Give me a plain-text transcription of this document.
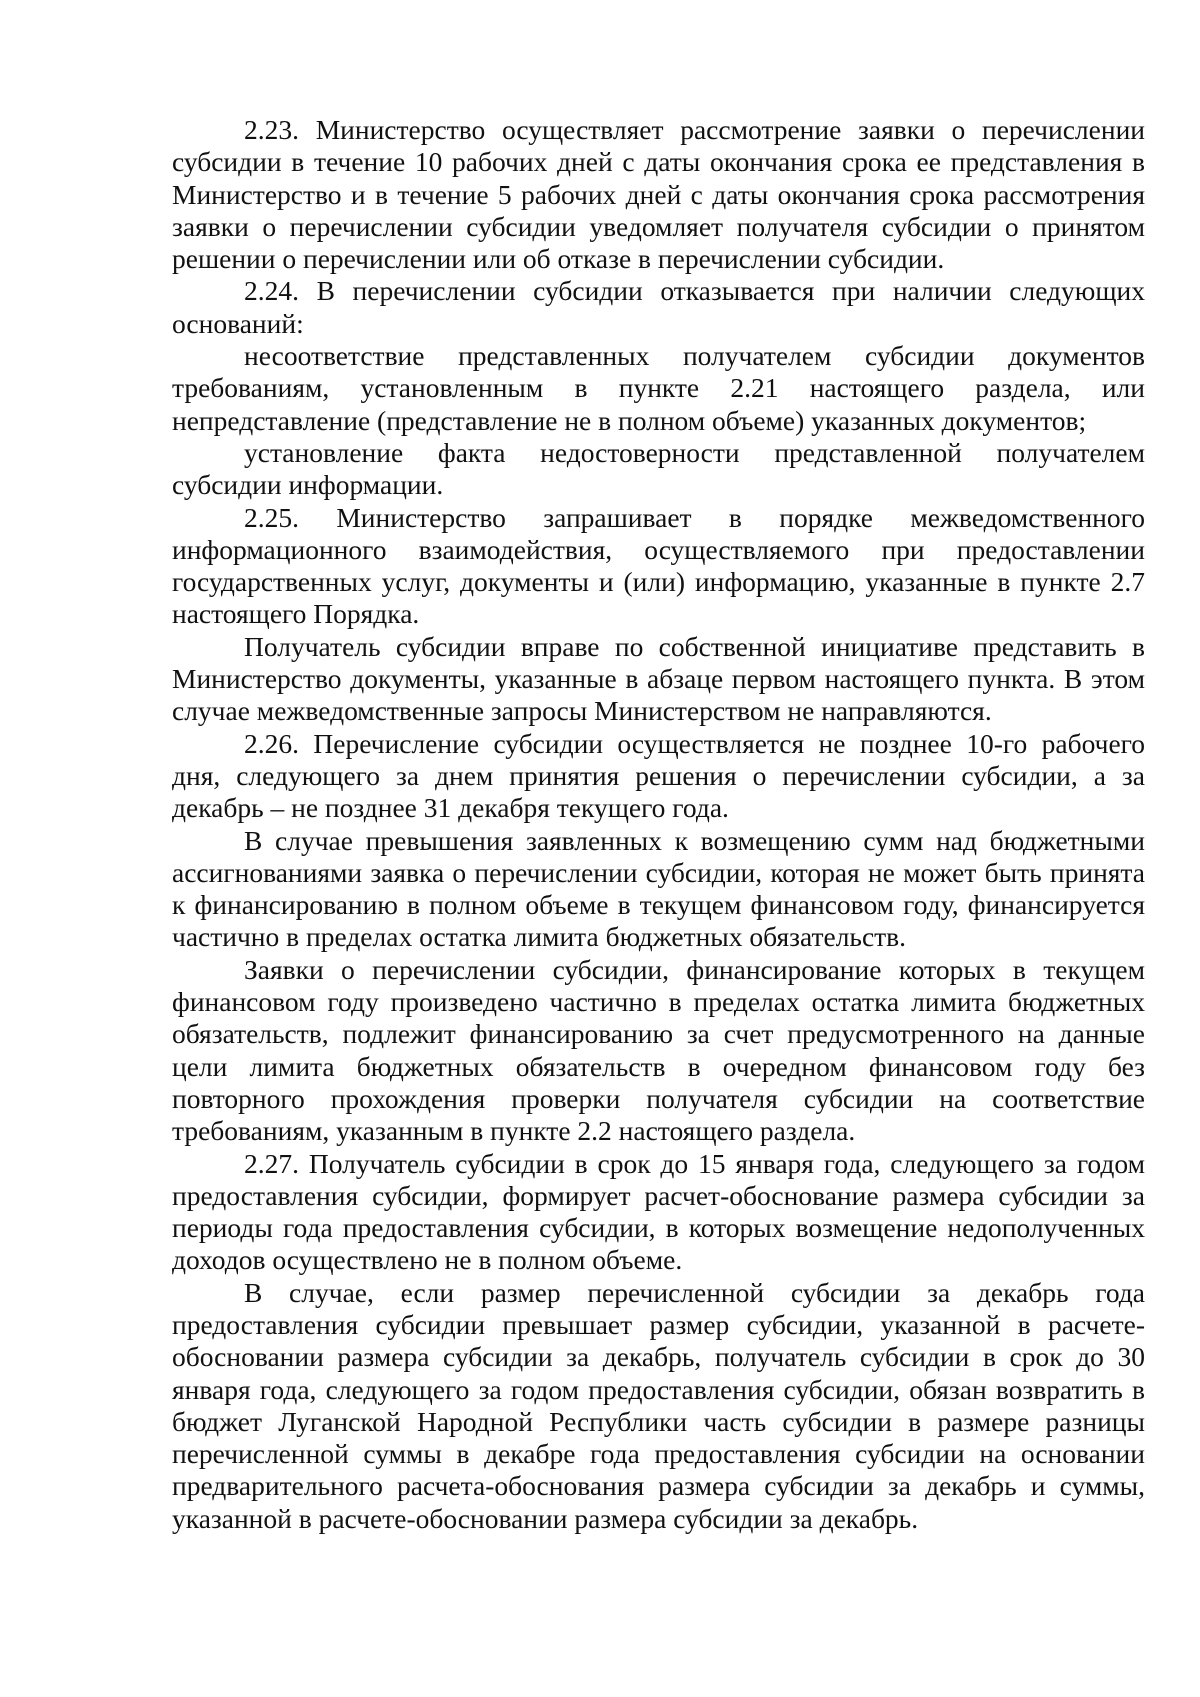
2.23. Министерство осуществляет рассмотрение заявки о перечислении субсидии в течение 10 рабочих дней с даты окончания срока ее представления в Министерство и в течение 5 рабочих дней с даты окончания срока рассмотрения заявки о перечислении субсидии уведомляет получателя субсидии о принятом решении о перечислении или об отказе в перечислении субсидии.

2.24. В перечислении субсидии отказывается при наличии следующих оснований:

несоответствие представленных получателем субсидии документов требованиям, установленным в пункте 2.21 настоящего раздела, или непредставление (представление не в полном объеме) указанных документов;

установление факта недостоверности представленной получателем субсидии информации.

2.25. Министерство запрашивает в порядке межведомственного информационного взаимодействия, осуществляемого при предоставлении государственных услуг, документы и (или) информацию, указанные в пункте 2.7 настоящего Порядка.

Получатель субсидии вправе по собственной инициативе представить в Министерство документы, указанные в абзаце первом настоящего пункта. В этом случае межведомственные запросы Министерством не направляются.

2.26. Перечисление субсидии осуществляется не позднее 10-го рабочего дня, следующего за днем принятия решения о перечислении субсидии, а за декабрь – не позднее 31 декабря текущего года.

В случае превышения заявленных к возмещению сумм над бюджетными ассигнованиями заявка о перечислении субсидии, которая не может быть принята к финансированию в полном объеме в текущем финансовом году, финансируется частично в пределах остатка лимита бюджетных обязательств.

Заявки о перечислении субсидии, финансирование которых в текущем финансовом году произведено частично в пределах остатка лимита бюджетных обязательств, подлежит финансированию за счет предусмотренного на данные цели лимита бюджетных обязательств в очередном финансовом году без повторного прохождения проверки получателя субсидии на соответствие требованиям, указанным в пункте 2.2 настоящего раздела.

2.27. Получатель субсидии в срок до 15 января года, следующего за годом предоставления субсидии, формирует расчет-обоснование размера субсидии за периоды года предоставления субсидии, в которых возмещение недополученных доходов осуществлено не в полном объеме.

В случае, если размер перечисленной субсидии за декабрь года предоставления субсидии превышает размер субсидии, указанной в расчете-обосновании размера субсидии за декабрь, получатель субсидии в срок до 30 января года, следующего за годом предоставления субсидии, обязан возвратить в бюджет Луганской Народной Республики часть субсидии в размере разницы перечисленной суммы в декабре года предоставления субсидии на основании предварительного расчета-обоснования размера субсидии за декабрь и суммы, указанной в расчете-обосновании размера субсидии за декабрь.
